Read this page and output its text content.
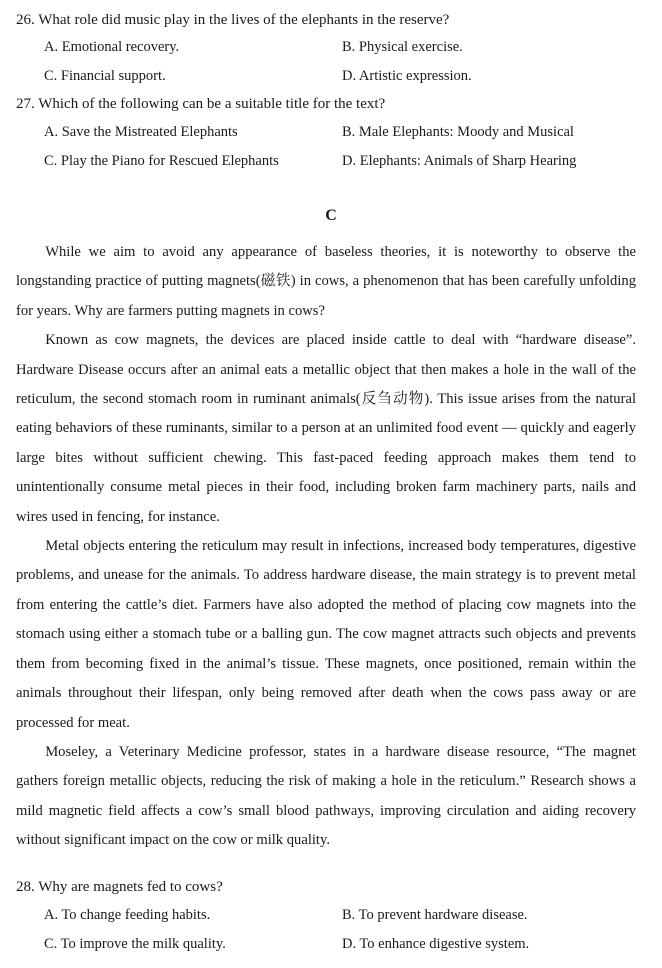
26. What role did music play in the lives of the elephants in the reserve?
A. Emotional recovery.	B. Physical exercise.
C. Financial support.	D. Artistic expression.
27. Which of the following can be a suitable title for the text?
A. Save the Mistreated Elephants	B. Male Elephants: Moody and Musical
C. Play the Piano for Rescued Elephants	D. Elephants: Animals of Sharp Hearing
C

While we aim to avoid any appearance of baseless theories, it is noteworthy to observe the longstanding practice of putting magnets(磁铁) in cows, a phenomenon that has been carefully unfolding for years. Why are farmers putting magnets in cows?

Known as cow magnets, the devices are placed inside cattle to deal with “hardware disease”. Hardware Disease occurs after an animal eats a metallic object that then makes a hole in the wall of the reticulum, the second stomach room in ruminant animals(反刍动物). This issue arises from the natural eating behaviors of these ruminants, similar to a person at an unlimited food event — quickly and eagerly large bites without sufficient chewing. This fast-paced feeding approach makes them tend to unintentionally consume metal pieces in their food, including broken farm machinery parts, nails and wires used in fencing, for instance.

Metal objects entering the reticulum may result in infections, increased body temperatures, digestive problems, and unease for the animals. To address hardware disease, the main strategy is to prevent metal from entering the cattle’s diet. Farmers have also adopted the method of placing cow magnets into the stomach using either a stomach tube or a balling gun. The cow magnet attracts such objects and prevents them from becoming fixed in the animal’s tissue. These magnets, once positioned, remain within the animals throughout their lifespan, only being removed after death when the cows pass away or are processed for meat.

Moseley, a Veterinary Medicine professor, states in a hardware disease resource, “The magnet gathers foreign metallic objects, reducing the risk of making a hole in the reticulum.” Research shows a mild magnetic field affects a cow’s small blood pathways, improving circulation and aiding recovery without significant impact on the cow or milk quality.

28. Why are magnets fed to cows?
A. To change feeding habits.	B. To prevent hardware disease.
C. To improve the milk quality.	D. To enhance digestive system.
